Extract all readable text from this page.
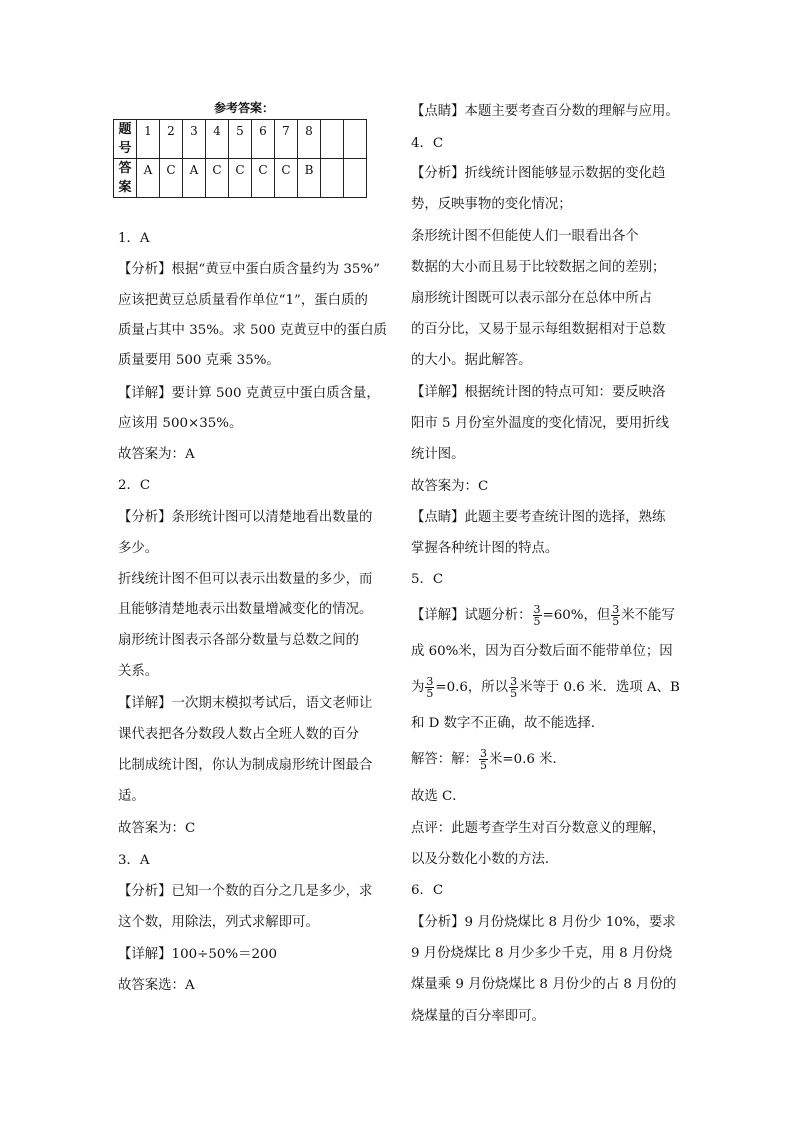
参考答案：
题号	1	2	3	4	5	6	7	8		
答案	A	C	A	C	C	C	C	B		
1．A
【分析】根据“黄豆中蛋白质含量约为 35%”
应该把黄豆总质量看作单位“1”，蛋白质的
质量占其中 35%。求 500 克黄豆中的蛋白质
质量要用 500 克乘 35%。
【详解】要计算 500 克黄豆中蛋白质含量，
应该用 500×35%。
故答案为：A
2．C
【分析】条形统计图可以清楚地看出数量的
多少。
折线统计图不但可以表示出数量的多少，而
且能够清楚地表示出数量增减变化的情况。
扇形统计图表示各部分数量与总数之间的
关系。
【详解】一次期末模拟考试后，语文老师让
课代表把各分数段人数占全班人数的百分
比制成统计图，你认为制成扇形统计图最合
适。
故答案为：C
3．A
【分析】已知一个数的百分之几是多少，求
这个数，用除法，列式求解即可。
【详解】100÷50%＝200
故答案选：A
【点睛】本题主要考查百分数的理解与应用。
4．C
【分析】折线统计图能够显示数据的变化趋
势，反映事物的变化情况；
条形统计图不但能使人们一眼看出各个
数据的大小而且易于比较数据之间的差别；
扇形统计图既可以表示部分在总体中所占
的百分比，又易于显示每组数据相对于总数
的大小。据此解答。
【详解】根据统计图的特点可知：要反映洛
阳市 5 月份室外温度的变化情况，要用折线
统计图。
故答案为：C
【点睛】此题主要考查统计图的选择，熟练
掌握各种统计图的特点。
5．C
【详解】试题分析： $\frac{3}{5} =60\%$，但 $\frac{3}{5}$ 米不能写
成 60%米，因为百分数后面不能带单位；因
为 $\frac{3}{5} =0.6$，所以 $\frac{3}{5}$ 米等于 0.6 米．选项 A、B
和 D 数字不正确，故不能选择．
解答：解： $\frac{3}{5}$ 米=0.6 米．
故选 C．
点评：此题考查学生对百分数意义的理解，
以及分数化小数的方法．
6．C
【分析】9 月份烧煤比 8 月份少 10%，要求
9 月份烧煤比 8 月少多少千克，用 8 月份烧
煤量乘 9 月份烧煤比 8 月份少的占 8 月份的
烧煤量的百分率即可。
